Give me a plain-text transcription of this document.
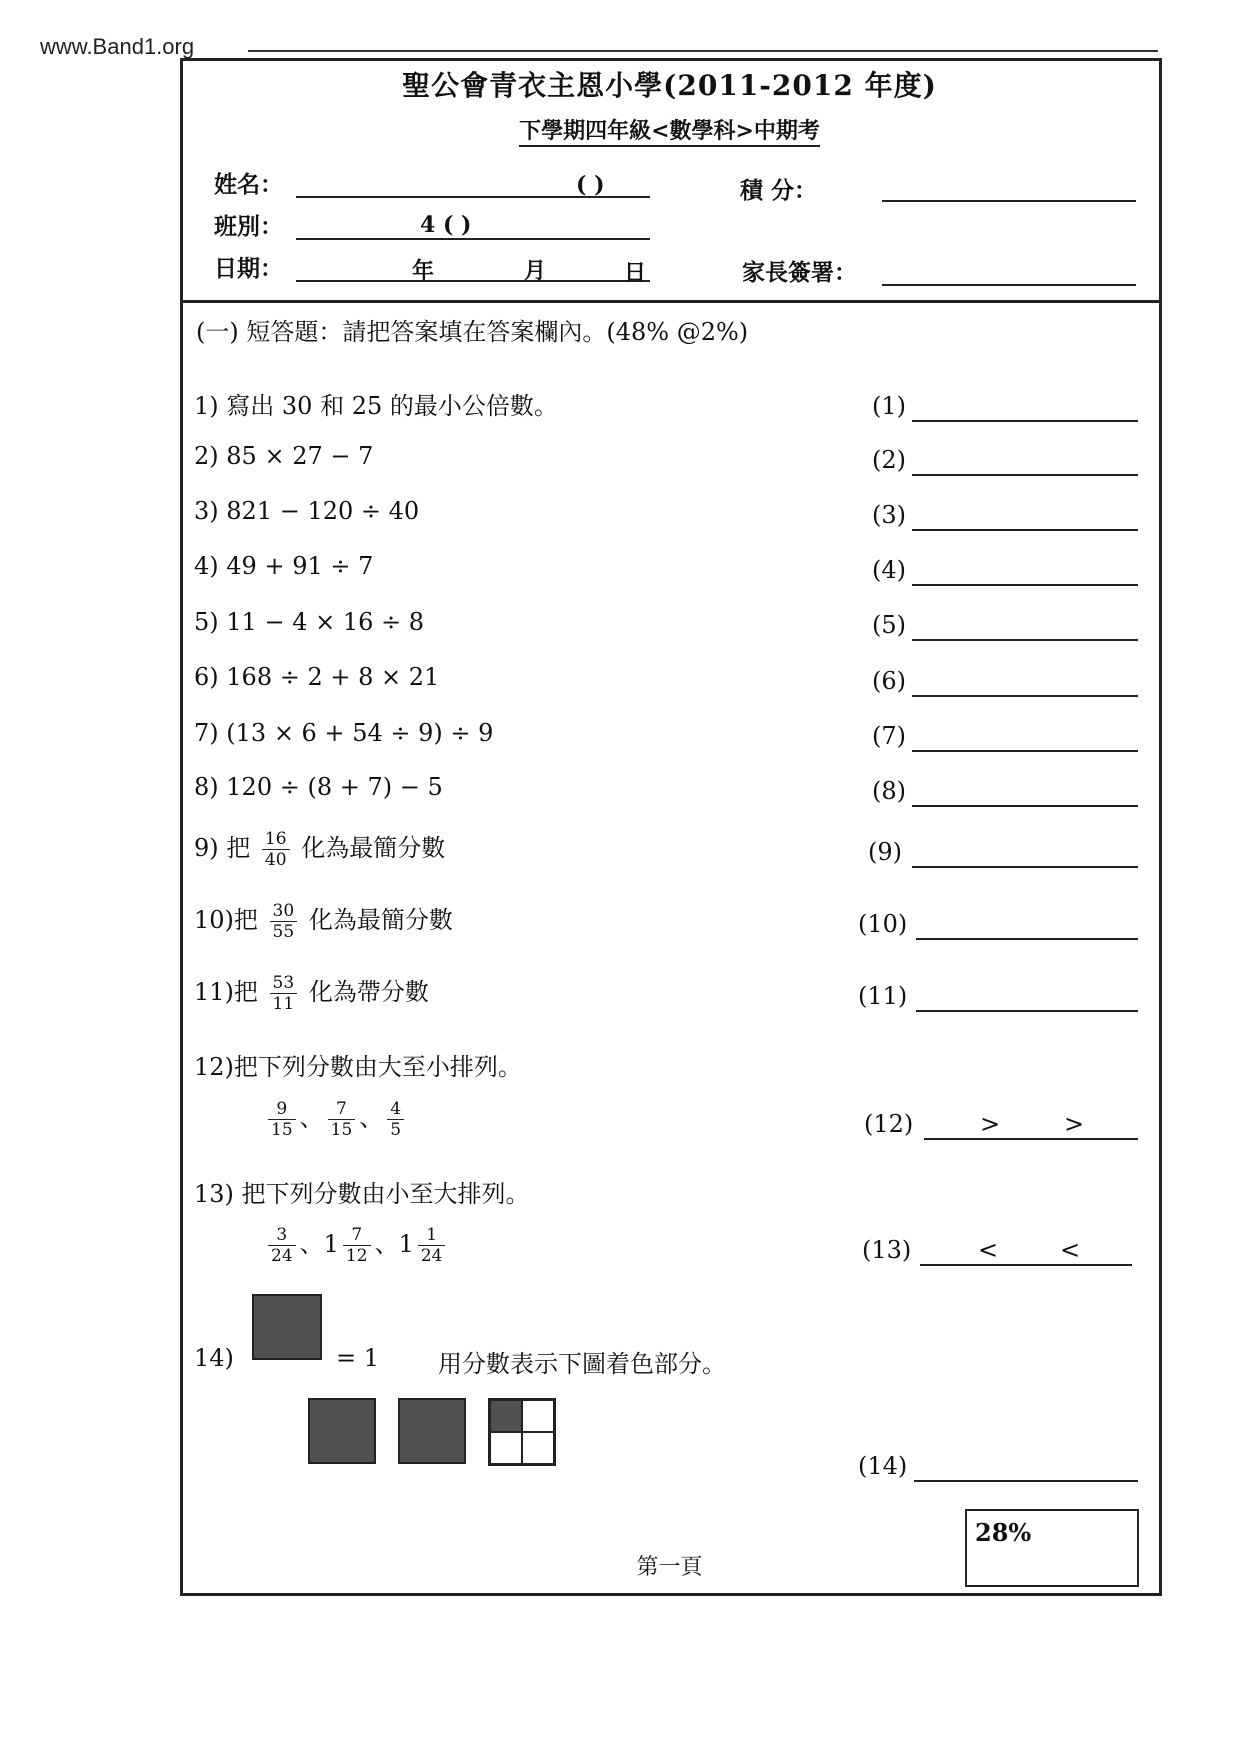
www.Band1.org
聖公會青衣主恩小學(2011-2012 年度)
下學期四年級<數學科>中期考
姓名：	( )	積 分：
班別：	4 ( )
日期：	年	月	日	家長簽署：
(一) 短答題：請把答案填在答案欄內。(48% @2%)
1) 寫出 30 和 25 的最小公倍數。
2) 85 × 27 − 7
3) 821 − 120 ÷ 40
4) 49 + 91 ÷ 7
5) 11 − 4 × 16 ÷ 8
6) 168 ÷ 2 + 8 × 21
7) (13 × 6 + 54 ÷ 9) ÷ 9
8) 120 ÷ (8 + 7) − 5
9) 把 $\frac{16}{40}$ 化為最簡分數
10)把 $\frac{30}{55}$ 化為最簡分數
11)把 $\frac{53}{11}$ 化為帶分數
12)把下列分數由大至小排列。
$\frac{9}{15}$ 、 $\frac{7}{15}$ 、 $\frac{4}{5}$
13) 把下列分數由小至大排列。
$\frac{3}{24}$ 、$1 \frac{7}{12}$ 、$1 \frac{1}{24}$
14)	= 1 用分數表示下圖着色部分。
(1)
(2)
(3)
(4)
(5)
(6)
(7)
(8)
(9)
(10)
(11)
(12)	>	>
(13)	<	<
(14)
28%
第一頁
